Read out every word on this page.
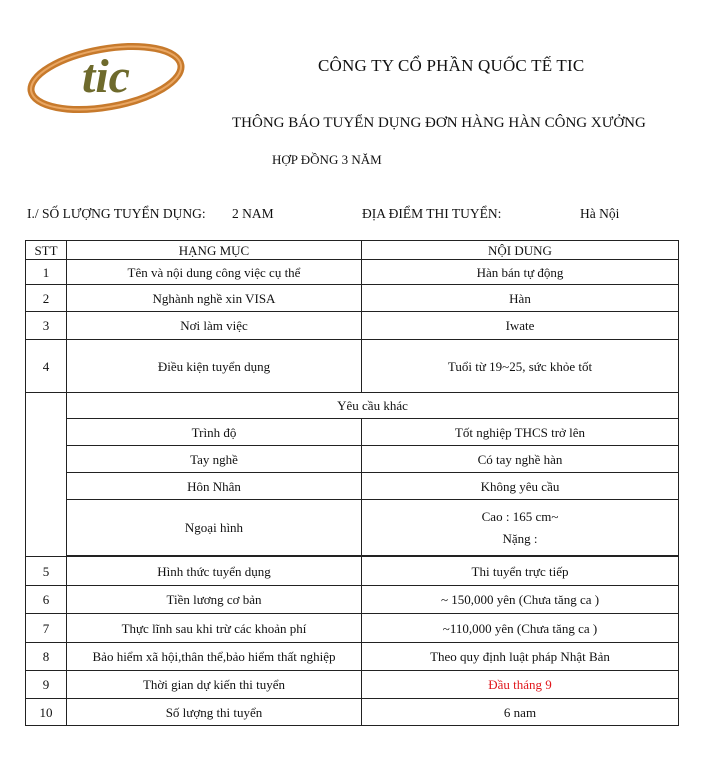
tic	CÔNG TY CỔ PHẦN QUỐC TẾ TIC
THÔNG BÁO TUYỂN DỤNG ĐƠN HÀNG HÀN CÔNG XƯỞNG
HỢP ĐỒNG 3 NĂM
I./ SỐ LƯỢNG TUYỂN DỤNG: 2 NAM	ĐỊA ĐIỂM THI TUYỂN:	Hà Nội
STT	HẠNG MỤC	NỘI DUNG
1	Tên và nội dung công việc cụ thể	Hàn bán tự động
2	Nghành nghề xin VISA	Hàn
3	Nơi làm việc	Iwate
4	Điều kiện tuyển dụng	Tuổi từ 19~25, sức khỏe tốt
	Yêu cầu khác	
	Trình độ	Tốt nghiệp THCS trở lên
	Tay nghề	Có tay nghề hàn
	Hôn Nhân	Không yêu cầu
	Ngoại hình	Cao : 165 cm~
Nặng :

5	Hình thức tuyển dụng	Thi tuyển trực tiếp
6	Tiền lương cơ bản	~ 150,000 yên (Chưa tăng ca )
7	Thực lĩnh sau khi trừ các khoản phí	~110,000 yên (Chưa tăng ca )
8	Bảo hiểm xã hội,thân thể,bảo hiểm thất nghiệp	Theo quy định luật pháp Nhật Bản
9	Thời gian dự kiến thi tuyển	Đầu tháng 9
10	Số lượng thi tuyển	6 nam
